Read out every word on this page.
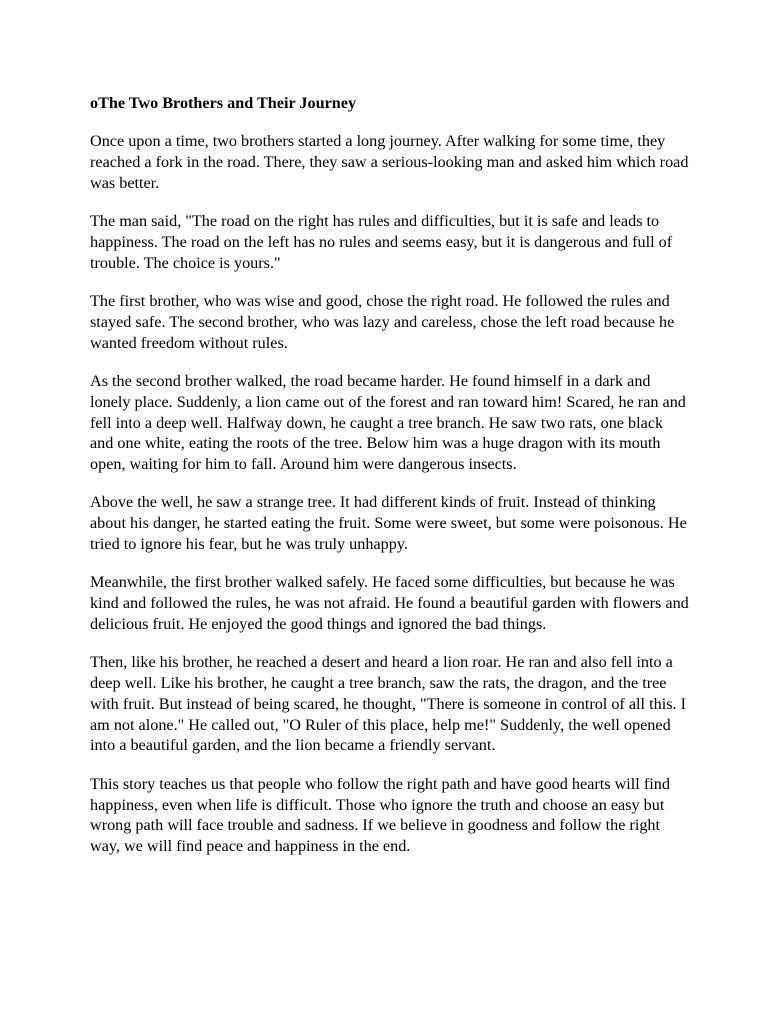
oThe Two Brothers and Their Journey

Once upon a time, two brothers started a long journey. After walking for some time, they reached a fork in the road. There, they saw a serious-looking man and asked him which road was better.

The man said, "The road on the right has rules and difficulties, but it is safe and leads to happiness. The road on the left has no rules and seems easy, but it is dangerous and full of trouble. The choice is yours."

The first brother, who was wise and good, chose the right road. He followed the rules and stayed safe. The second brother, who was lazy and careless, chose the left road because he wanted freedom without rules.

As the second brother walked, the road became harder. He found himself in a dark and lonely place. Suddenly, a lion came out of the forest and ran toward him! Scared, he ran and fell into a deep well. Halfway down, he caught a tree branch. He saw two rats, one black and one white, eating the roots of the tree. Below him was a huge dragon with its mouth open, waiting for him to fall. Around him were dangerous insects.

Above the well, he saw a strange tree. It had different kinds of fruit. Instead of thinking about his danger, he started eating the fruit. Some were sweet, but some were poisonous. He tried to ignore his fear, but he was truly unhappy.

Meanwhile, the first brother walked safely. He faced some difficulties, but because he was kind and followed the rules, he was not afraid. He found a beautiful garden with flowers and delicious fruit. He enjoyed the good things and ignored the bad things.

Then, like his brother, he reached a desert and heard a lion roar. He ran and also fell into a deep well. Like his brother, he caught a tree branch, saw the rats, the dragon, and the tree with fruit. But instead of being scared, he thought, "There is someone in control of all this. I am not alone." He called out, "O Ruler of this place, help me!" Suddenly, the well opened into a beautiful garden, and the lion became a friendly servant.

This story teaches us that people who follow the right path and have good hearts will find happiness, even when life is difficult. Those who ignore the truth and choose an easy but wrong path will face trouble and sadness. If we believe in goodness and follow the right way, we will find peace and happiness in the end.
